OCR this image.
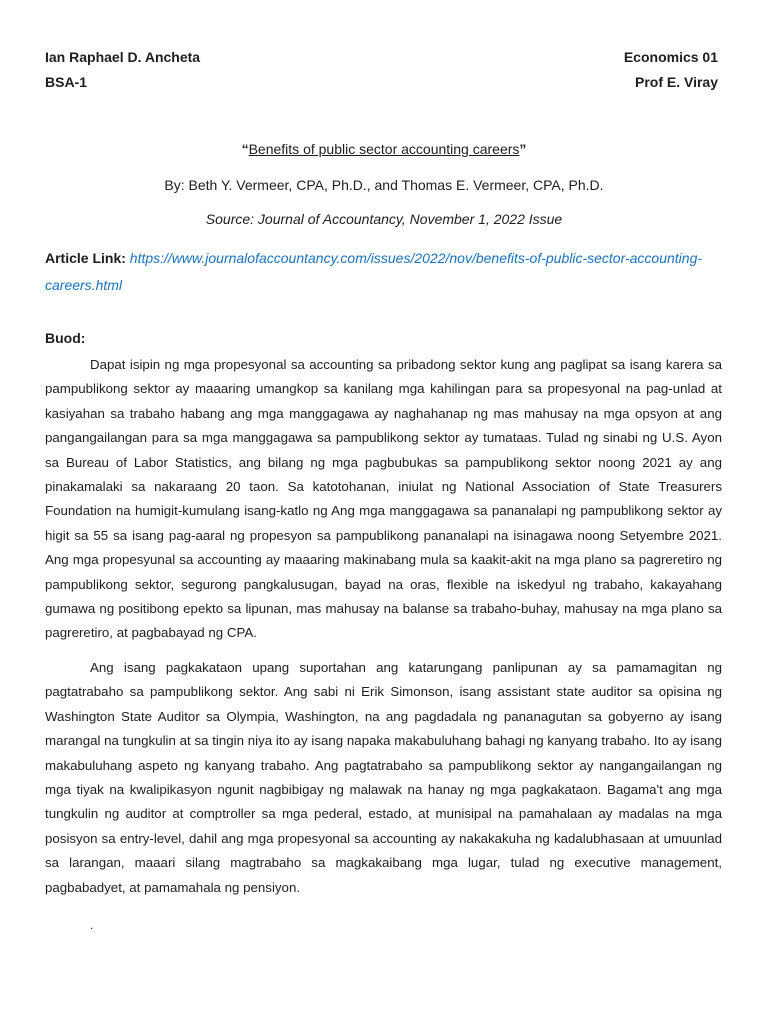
Ian Raphael D. Ancheta
BSA-1
Economics 01
Prof E. Viray
“Benefits of public sector accounting careers”
By: Beth Y. Vermeer, CPA, Ph.D., and Thomas E. Vermeer, CPA, Ph.D.
Source: Journal of Accountancy, November 1, 2022 Issue
Article Link: https://www.journalofaccountancy.com/issues/2022/nov/benefits-of-public-sector-accounting-careers.html
Buod:
Dapat isipin ng mga propesyonal sa accounting sa pribadong sektor kung ang paglipat sa isang karera sa pampublikong sektor ay maaaring umangkop sa kanilang mga kahilingan para sa propesyonal na pag-unlad at kasiyahan sa trabaho habang ang mga manggagawa ay naghahanap ng mas mahusay na mga opsyon at ang pangangailangan para sa mga manggagawa sa pampublikong sektor ay tumataas. Tulad ng sinabi ng U.S. Ayon sa Bureau of Labor Statistics, ang bilang ng mga pagbubukas sa pampublikong sektor noong 2021 ay ang pinakamalaki sa nakaraang 20 taon. Sa katotohanan, iniulat ng National Association of State Treasurers Foundation na humigit-kumulang isang-katlo ng Ang mga manggagawa sa pananalapi ng pampublikong sektor ay higit sa 55 sa isang pag-aaral ng propesyon sa pampublikong pananalapi na isinagawa noong Setyembre 2021. Ang mga propesyunal sa accounting ay maaaring makinabang mula sa kaakit-akit na mga plano sa pagreretiro ng pampublikong sektor, segurong pangkalusugan, bayad na oras, flexible na iskedyul ng trabaho, kakayahang gumawa ng positibong epekto sa lipunan, mas mahusay na balanse sa trabaho-buhay, mahusay na mga plano sa pagreretiro, at pagbabayad ng CPA.
Ang isang pagkakataon upang suportahan ang katarungang panlipunan ay sa pamamagitan ng pagtatrabaho sa pampublikong sektor. Ang sabi ni Erik Simonson, isang assistant state auditor sa opisina ng Washington State Auditor sa Olympia, Washington, na ang pagdadala ng pananagutan sa gobyerno ay isang marangal na tungkulin at sa tingin niya ito ay isang napaka makabuluhang bahagi ng kanyang trabaho. Ito ay isang makabuluhang aspeto ng kanyang trabaho. Ang pagtatrabaho sa pampublikong sektor ay nangangailangan ng mga tiyak na kwalipikasyon ngunit nagbibigay ng malawak na hanay ng mga pagkakataon. Bagama't ang mga tungkulin ng auditor at comptroller sa mga pederal, estado, at munisipal na pamahalaan ay madalas na mga posisyon sa entry-level, dahil ang mga propesyonal sa accounting ay nakakakuha ng kadalubhasaan at umuunlad sa larangan, maaari silang magtrabaho sa magkakaibang mga lugar, tulad ng executive management, pagbabadyet, at pamamahala ng pensiyon.
.
